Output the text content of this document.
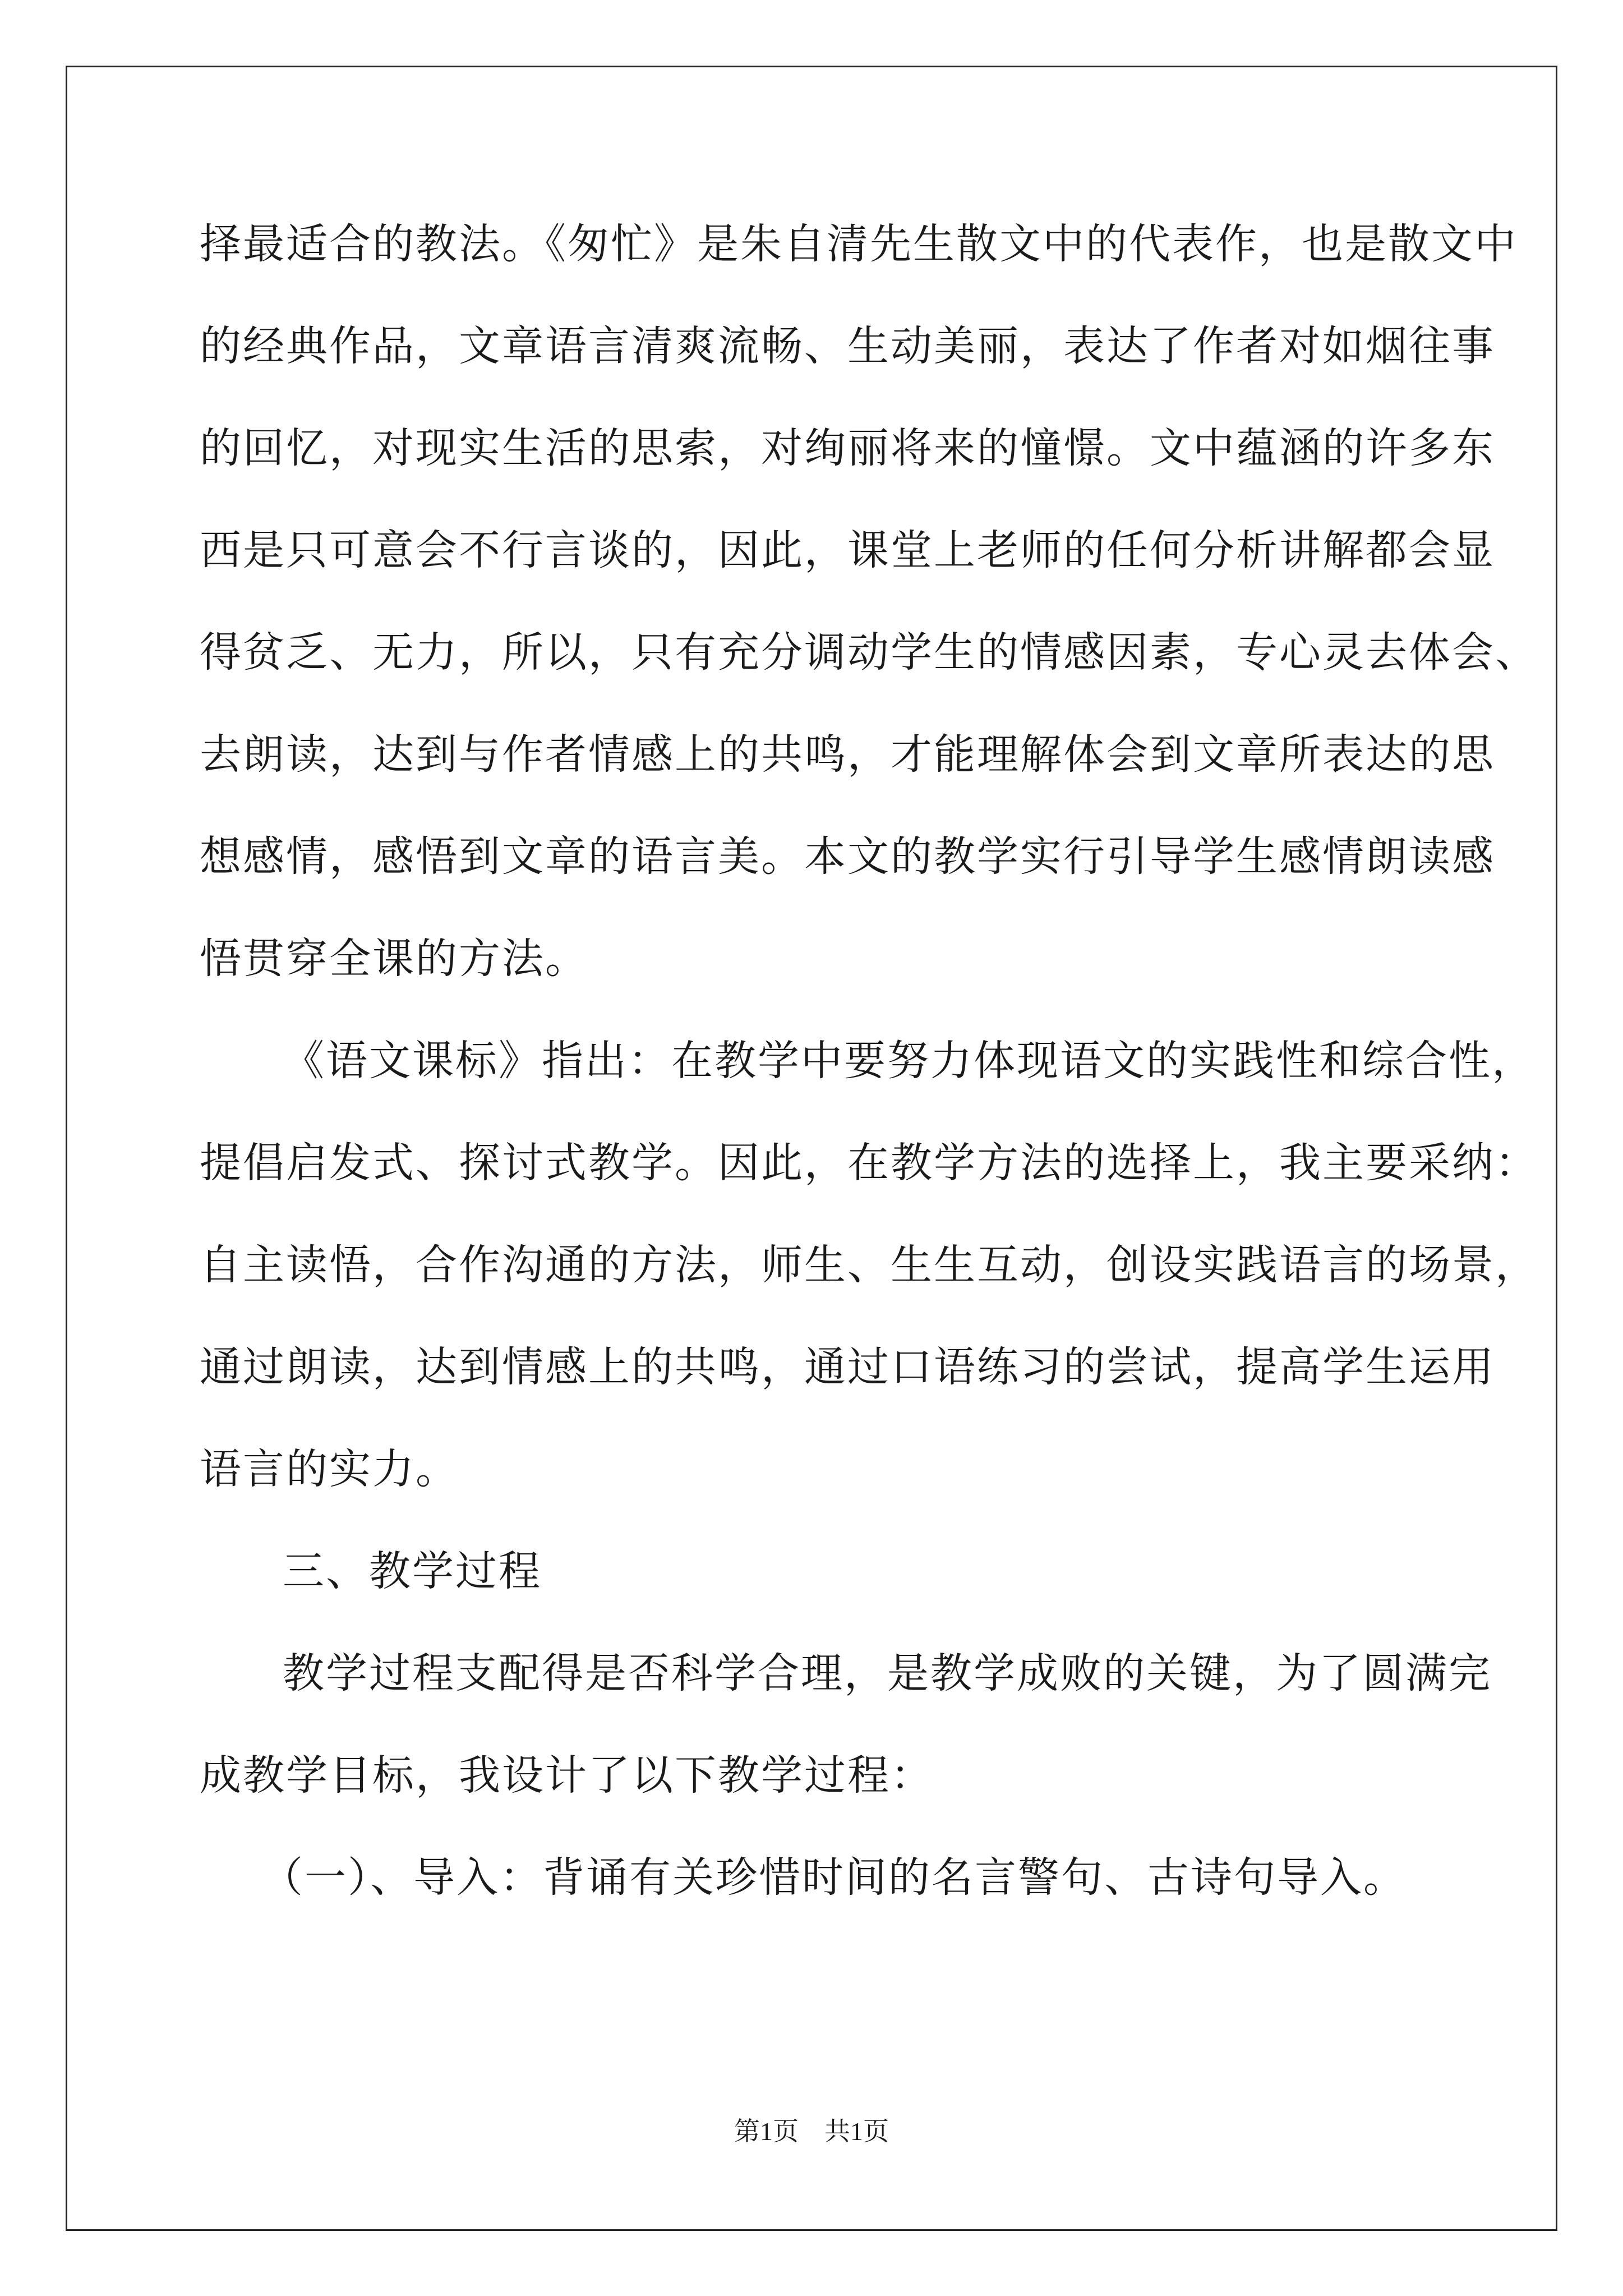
择最适合的教法。《匆忙》是朱自清先生散文中的代表作，也是散文中
的经典作品，文章语言清爽流畅、生动美丽，表达了作者对如烟往事
的回忆，对现实生活的思索，对绚丽将来的憧憬。文中蕴涵的许多东
西是只可意会不行言谈的，因此，课堂上老师的任何分析讲解都会显
得贫乏、无力，所以，只有充分调动学生的情感因素，专心灵去体会、
去朗读，达到与作者情感上的共鸣，才能理解体会到文章所表达的思
想感情，感悟到文章的语言美。本文的教学实行引导学生感情朗读感
悟贯穿全课的方法。
《语文课标》指出：在教学中要努力体现语文的实践性和综合性，
提倡启发式、探讨式教学。因此，在教学方法的选择上，我主要采纳：
自主读悟，合作沟通的方法，师生、生生互动，创设实践语言的场景，
通过朗读，达到情感上的共鸣，通过口语练习的尝试，提高学生运用
语言的实力。
三、教学过程
教学过程支配得是否科学合理，是教学成败的关键，为了圆满完
成教学目标，我设计了以下教学过程：
（一）、导入：背诵有关珍惜时间的名言警句、古诗句导入。
第1页　共1页
